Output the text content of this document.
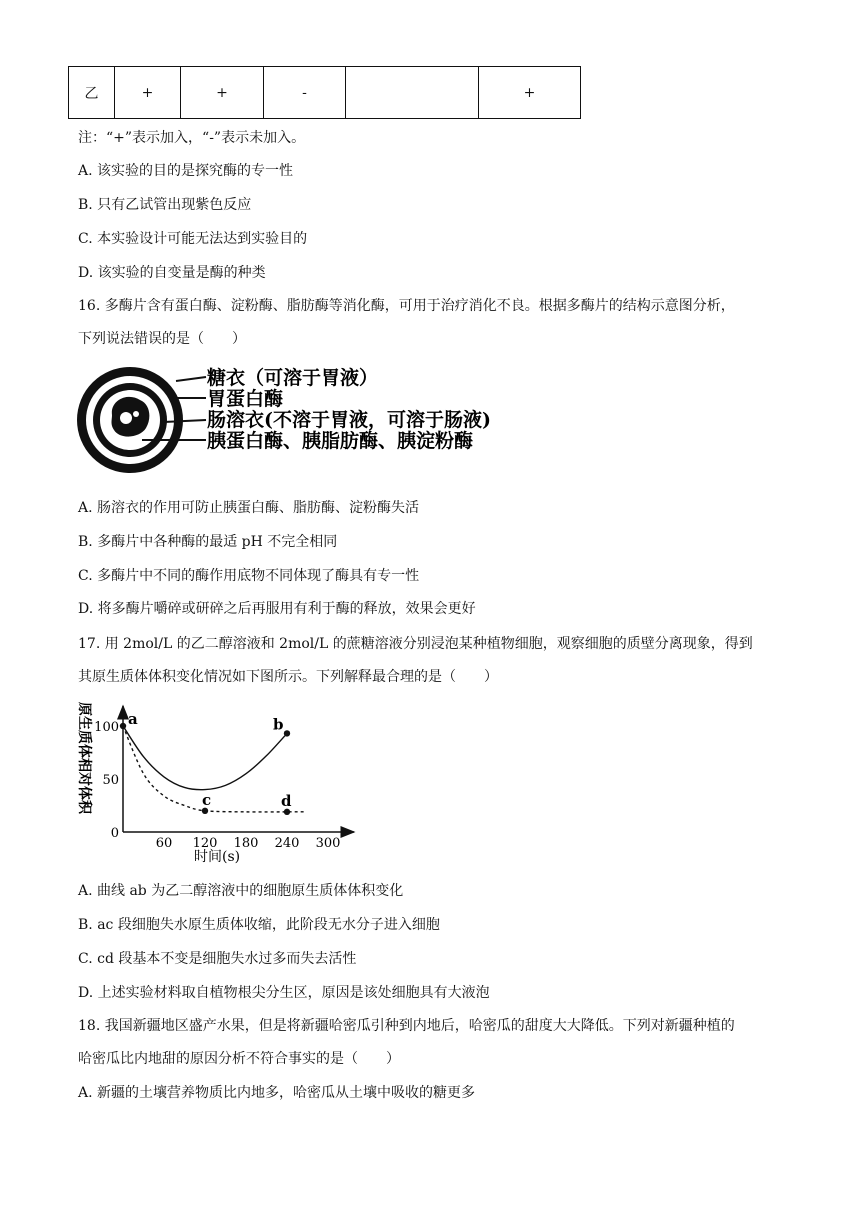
乙	+	+	-		+
注：“+”表示加入，“-”表示未加入。
A. 该实验的目的是探究酶的专一性
B. 只有乙试管出现紫色反应
C. 本实验设计可能无法达到实验目的
D. 该实验的自变量是酶的种类
16. 多酶片含有蛋白酶、淀粉酶、脂肪酶等消化酶，可用于治疗消化不良。根据多酶片的结构示意图分析，
下列说法错误的是（　　）
糖衣（可溶于胃液）
胃蛋白酶
肠溶衣(不溶于胃液，可溶于肠液)
胰蛋白酶、胰脂肪酶、胰淀粉酶
A. 肠溶衣的作用可防止胰蛋白酶、脂肪酶、淀粉酶失活
B. 多酶片中各种酶的最适 pH 不完全相同
C. 多酶片中不同的酶作用底物不同体现了酶具有专一性
D. 将多酶片嚼碎或研碎之后再服用有利于酶的释放，效果会更好
17. 用 2mol/L 的乙二醇溶液和 2mol/L 的蔗糖溶液分别浸泡某种植物细胞，观察细胞的质壁分离现象，得到
其原生质体体积变化情况如下图所示。下列解释最合理的是（　　）
原生质体相对体积
时间(s)
60 120 180 240 300
0
50
100 a	b
c	d
A. 曲线 ab 为乙二醇溶液中的细胞原生质体体积变化
B. ac 段细胞失水原生质体收缩，此阶段无水分子进入细胞
C. cd 段基本不变是细胞失水过多而失去活性
D. 上述实验材料取自植物根尖分生区，原因是该处细胞具有大液泡
18. 我国新疆地区盛产水果，但是将新疆哈密瓜引种到内地后，哈密瓜的甜度大大降低。下列对新疆种植的
哈密瓜比内地甜的原因分析不符合事实的是（　　）
A. 新疆的土壤营养物质比内地多，哈密瓜从土壤中吸收的糖更多
